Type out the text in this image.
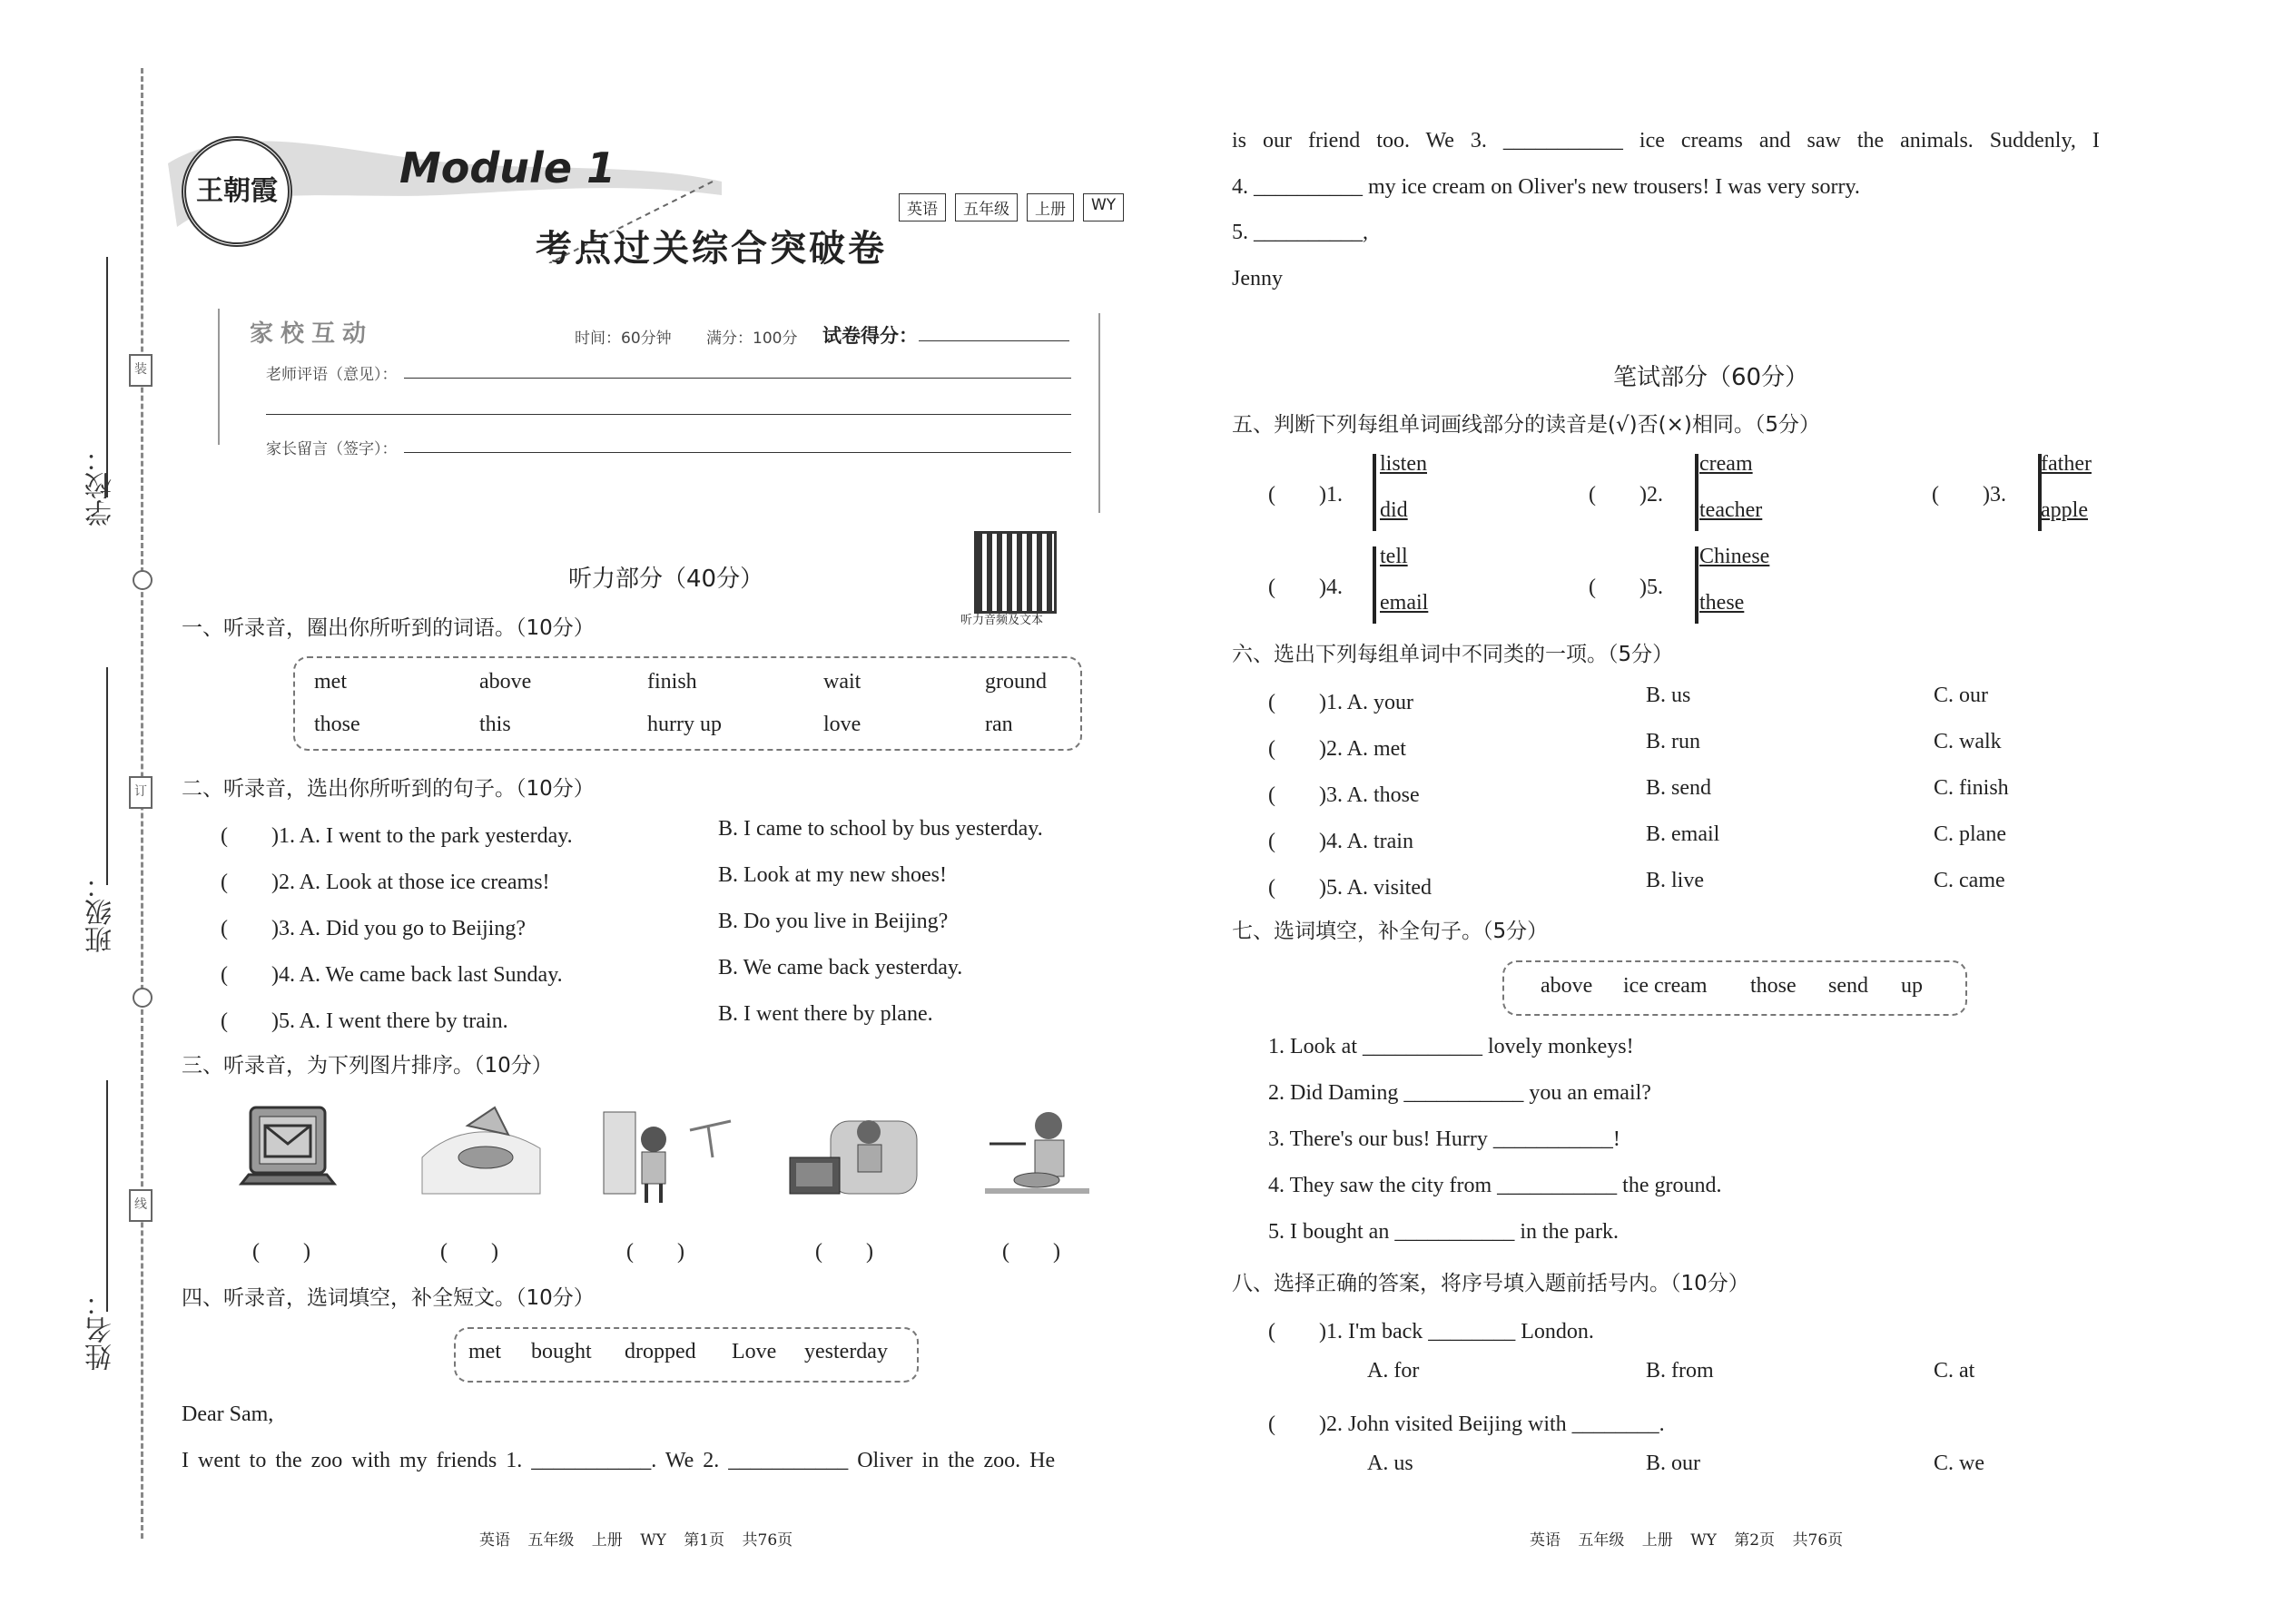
学校：
班级：
姓名：
装
订
线
王朝霞	Module 1
考点过关综合突破卷
英语	五年级	上册	WY
家校互动	时间：60分钟 满分：100分 试卷得分：
老师评语（意见）：
家长留言（签字）：
听力部分（40分）
听力音频及文本
一、听录音，圈出你所听到的词语。（10分）
met	above	finish	wait	ground
those	this	hurry up	love	ran
二、听录音，选出你所听到的句子。（10分）
(　　)1. A. I went to the park yesterday.	B. I came to school by bus yesterday.
(　　)2. A. Look at those ice creams!	B. Look at my new shoes!
(　　)3. A. Did you go to Beijing?	B. Do you live in Beijing?
(　　)4. A. We came back last Sunday.	B. We came back yesterday.
(　　)5. A. I went there by train.	B. I went there by plane.
三、听录音，为下列图片排序。（10分）
(　　)	(　　)	(　　)	(　　)	(　　)
四、听录音，选词填空，补全短文。（10分）
met bought dropped Love yesterday
Dear Sam,
I went to the zoo with my friends 1. ___________. We 2. ___________ Oliver in the zoo. He
is our friend too. We 3. ___________ ice creams and saw the animals. Suddenly, I
4. __________ my ice cream on Oliver's new trousers! I was very sorry.
5. __________,
Jenny
笔试部分（60分）
五、判断下列每组单词画线部分的读音是(√)否(×)相同。（5分）
(　　)1.
listen
did
(　　)2.
cream
teacher
(　　)3.
father
apple
(　　)4.
tell
email
(　　)5.
Chinese
these
六、选出下列每组单词中不同类的一项。（5分）
(　　)1. A. your	B. us	C. our
(　　)2. A. met	B. run	C. walk
(　　)3. A. those	B. send	C. finish
(　　)4. A. train	B. email	C. plane
(　　)5. A. visited	B. live	C. came
七、选词填空，补全句子。（5分）
above ice cream those send up
1. Look at ___________ lovely monkeys!
2. Did Daming ___________ you an email?
3. There's our bus! Hurry ___________!
4. They saw the city from ___________ the ground.
5. I bought an ___________ in the park.
八、选择正确的答案，将序号填入题前括号内。（10分）
(　　)1. I'm back ________ London.
A. for	B. from	C. at
(　　)2. John visited Beijing with ________.
A. us	B. our	C. we
英语 五年级 上册 WY 第1页 共76页	英语 五年级 上册 WY 第2页 共76页
